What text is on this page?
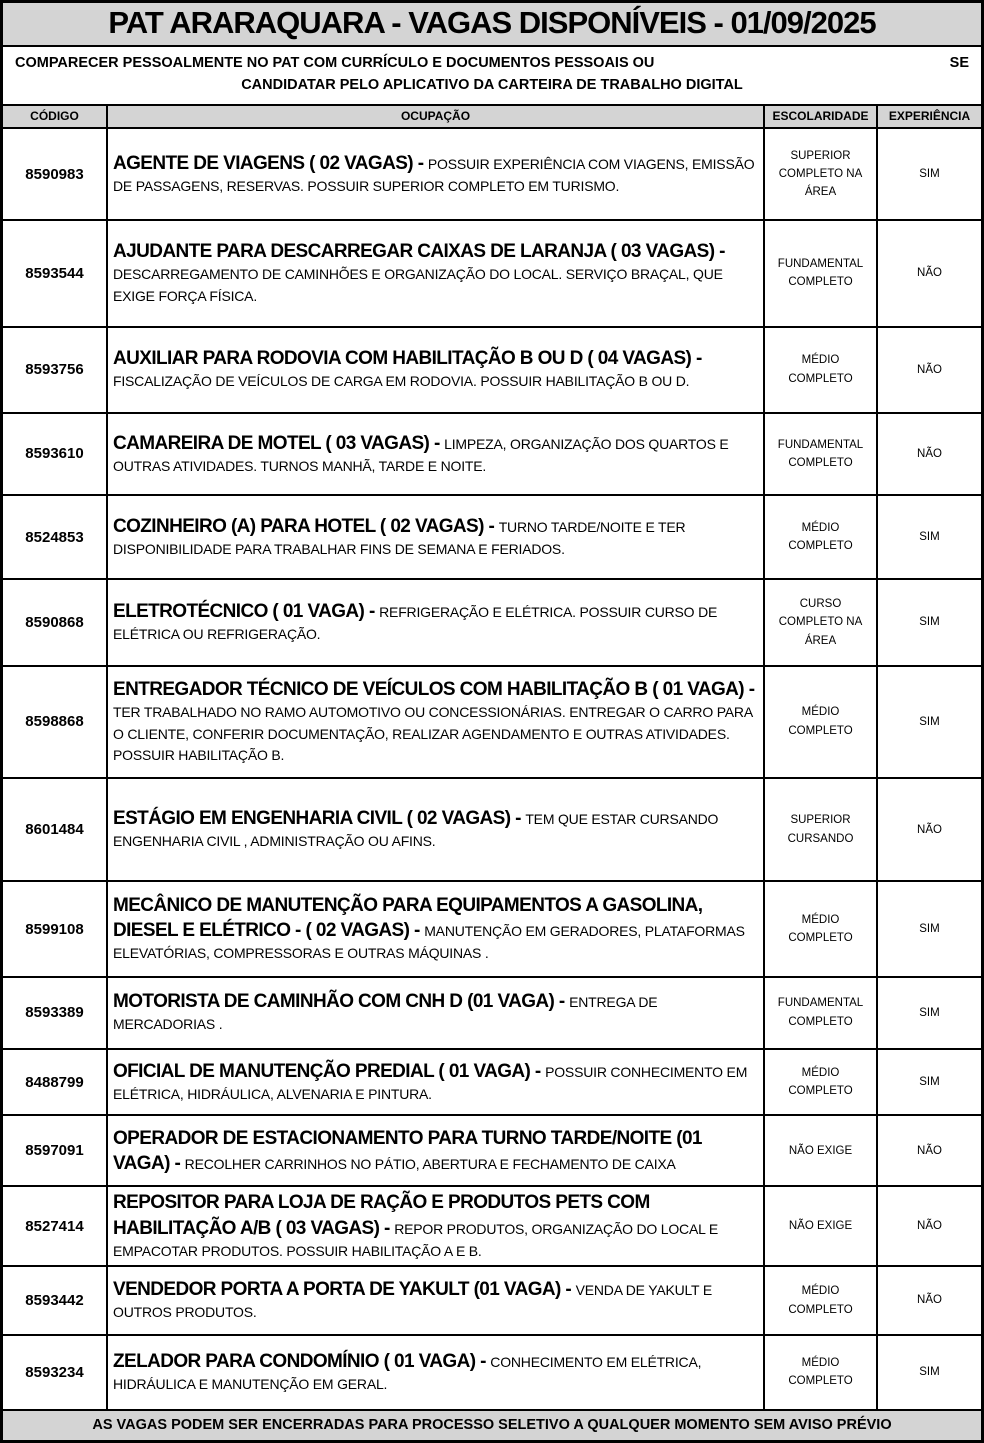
PAT ARARAQUARA - VAGAS DISPONÍVEIS - 01/09/2025
COMPARECER PESSOALMENTE NO PAT COM CURRÍCULO E DOCUMENTOS PESSOAIS OU	SE
CANDIDATAR PELO APLICATIVO DA CARTEIRA DE TRABALHO DIGITAL
CÓDIGO	OCUPAÇÃO	ESCOLARIDADE	EXPERIÊNCIA
8590983	AGENTE DE VIAGENS ( 02 VAGAS) - POSSUIR EXPERIÊNCIA COM VIAGENS, EMISSÃO DE PASSAGENS, RESERVAS. POSSUIR SUPERIOR COMPLETO EM TURISMO.	SUPERIOR COMPLETO NA ÁREA	SIM
8593544	AJUDANTE PARA DESCARREGAR CAIXAS DE LARANJA ( 03 VAGAS) - DESCARREGAMENTO DE CAMINHÕES E ORGANIZAÇÃO DO LOCAL. SERVIÇO BRAÇAL, QUE EXIGE FORÇA FÍSICA.	FUNDAMENTAL COMPLETO	NÃO
8593756	AUXILIAR PARA RODOVIA COM HABILITAÇÃO B OU D ( 04 VAGAS) - FISCALIZAÇÃO DE VEÍCULOS DE CARGA EM RODOVIA. POSSUIR HABILITAÇÃO B OU D.	MÉDIO COMPLETO	NÃO
8593610	CAMAREIRA DE MOTEL ( 03 VAGAS) - LIMPEZA, ORGANIZAÇÃO DOS QUARTOS E OUTRAS ATIVIDADES. TURNOS MANHÃ, TARDE E NOITE.	FUNDAMENTAL COMPLETO	NÃO
8524853	COZINHEIRO (A) PARA HOTEL ( 02 VAGAS) - TURNO TARDE/NOITE E TER DISPONIBILIDADE PARA TRABALHAR FINS DE SEMANA E FERIADOS.	MÉDIO COMPLETO	SIM
8590868	ELETROTÉCNICO ( 01 VAGA) - REFRIGERAÇÃO E ELÉTRICA. POSSUIR CURSO DE ELÉTRICA OU REFRIGERAÇÃO.	CURSO COMPLETO NA ÁREA	SIM
8598868	ENTREGADOR TÉCNICO DE VEÍCULOS COM HABILITAÇÃO B ( 01 VAGA) - TER TRABALHADO NO RAMO AUTOMOTIVO OU CONCESSIONÁRIAS. ENTREGAR O CARRO PARA O CLIENTE, CONFERIR DOCUMENTAÇÃO, REALIZAR AGENDAMENTO E OUTRAS ATIVIDADES. POSSUIR HABILITAÇÃO B.	MÉDIO COMPLETO	SIM
8601484	ESTÁGIO EM ENGENHARIA CIVIL ( 02 VAGAS) - TEM QUE ESTAR CURSANDO ENGENHARIA CIVIL , ADMINISTRAÇÃO OU AFINS.	SUPERIOR CURSANDO	NÃO
8599108	MECÂNICO DE MANUTENÇÃO PARA EQUIPAMENTOS A GASOLINA, DIESEL E ELÉTRICO - ( 02 VAGAS) - MANUTENÇÃO EM GERADORES, PLATAFORMAS ELEVATÓRIAS, COMPRESSORAS E OUTRAS MÁQUINAS .	MÉDIO COMPLETO	SIM
8593389	MOTORISTA DE CAMINHÃO COM CNH D (01 VAGA) - ENTREGA DE MERCADORIAS .	FUNDAMENTAL COMPLETO	SIM
8488799	OFICIAL DE MANUTENÇÃO PREDIAL ( 01 VAGA) - POSSUIR CONHECIMENTO EM ELÉTRICA, HIDRÁULICA, ALVENARIA E PINTURA.	MÉDIO COMPLETO	SIM
8597091	OPERADOR DE ESTACIONAMENTO PARA TURNO TARDE/NOITE (01 VAGA) - RECOLHER CARRINHOS NO PÁTIO, ABERTURA E FECHAMENTO DE CAIXA	NÃO EXIGE	NÃO
8527414	REPOSITOR PARA LOJA DE RAÇÃO E PRODUTOS PETS COM HABILITAÇÃO A/B ( 03 VAGAS) - REPOR PRODUTOS, ORGANIZAÇÃO DO LOCAL E EMPACOTAR PRODUTOS. POSSUIR HABILITAÇÃO A E B.	NÃO EXIGE	NÃO
8593442	VENDEDOR PORTA A PORTA DE YAKULT (01 VAGA) - VENDA DE YAKULT E OUTROS PRODUTOS.	MÉDIO COMPLETO	NÃO
8593234	ZELADOR PARA CONDOMÍNIO ( 01 VAGA) - CONHECIMENTO EM ELÉTRICA, HIDRÁULICA E MANUTENÇÃO EM GERAL.	MÉDIO COMPLETO	SIM
AS VAGAS PODEM SER ENCERRADAS PARA PROCESSO SELETIVO A QUALQUER MOMENTO SEM AVISO PRÉVIO
